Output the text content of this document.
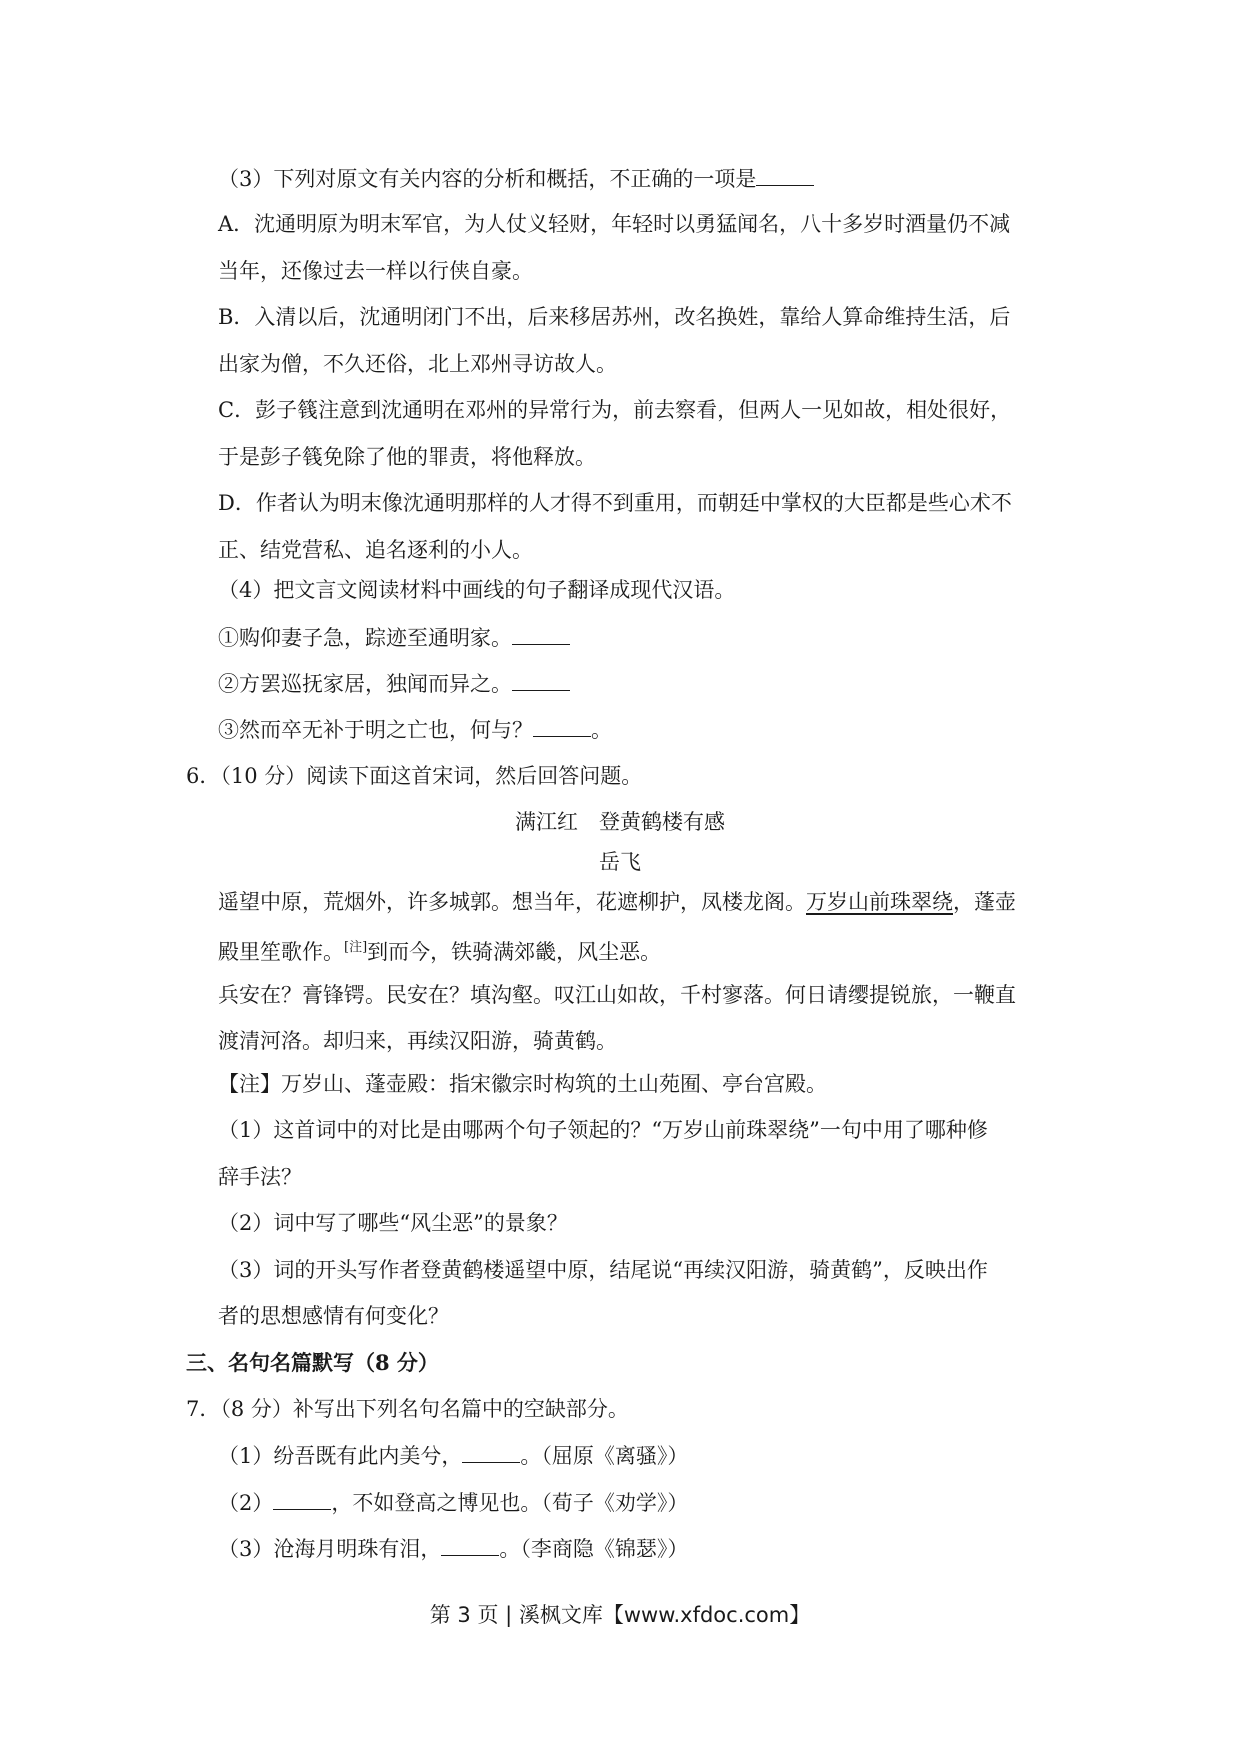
（3）下列对原文有关内容的分析和概括，不正确的一项是
A．沈通明原为明末军官，为人仗义轻财，年轻时以勇猛闻名，八十多岁时酒量仍不减
当年，还像过去一样以行侠自豪。
B．入清以后，沈通明闭门不出，后来移居苏州，改名换姓，靠给人算命维持生活，后
出家为僧，不久还俗，北上邓州寻访故人。
C．彭子篯注意到沈通明在邓州的异常行为，前去察看，但两人一见如故，相处很好，
于是彭子篯免除了他的罪责，将他释放。
D．作者认为明末像沈通明那样的人才得不到重用，而朝廷中掌权的大臣都是些心术不
正、结党营私、追名逐利的小人。
（4）把文言文阅读材料中画线的句子翻译成现代汉语。
①购仰妻子急，踪迹至通明家。
②方罢巡抚家居，独闻而异之。
③然而卒无补于明之亡也，何与？	。
6．（10 分）阅读下面这首宋词，然后回答问题。
满江红　登黄鹤楼有感
岳飞
遥望中原，荒烟外，许多城郭。想当年，花遮柳护，凤楼龙阁。万岁山前珠翠绕，蓬壶
殿里笙歌作。[注]到而今，铁骑满郊畿，风尘恶。
兵安在？膏锋锷。民安在？填沟壑。叹江山如故，千村寥落。何日请缨提锐旅，一鞭直
渡清河洛。却归来，再续汉阳游，骑黄鹤。
【注】万岁山、蓬壶殿：指宋徽宗时构筑的土山苑囿、亭台宫殿。
（1）这首词中的对比是由哪两个句子领起的？“万岁山前珠翠绕”一句中用了哪种修
辞手法？
（2）词中写了哪些“风尘恶”的景象？
（3）词的开头写作者登黄鹤楼遥望中原，结尾说“再续汉阳游，骑黄鹤”，反映出作
者的思想感情有何变化？
三、名句名篇默写（8 分）
7．（8 分）补写出下列名句名篇中的空缺部分。
（1）纷吾既有此内美兮，	。（屈原《离骚》）
（2）	，不如登高之博见也。（荀子《劝学》）
（3）沧海月明珠有泪，	。（李商隐《锦瑟》）
第 3 页 | 溪枫文库【www.xfdoc.com】
